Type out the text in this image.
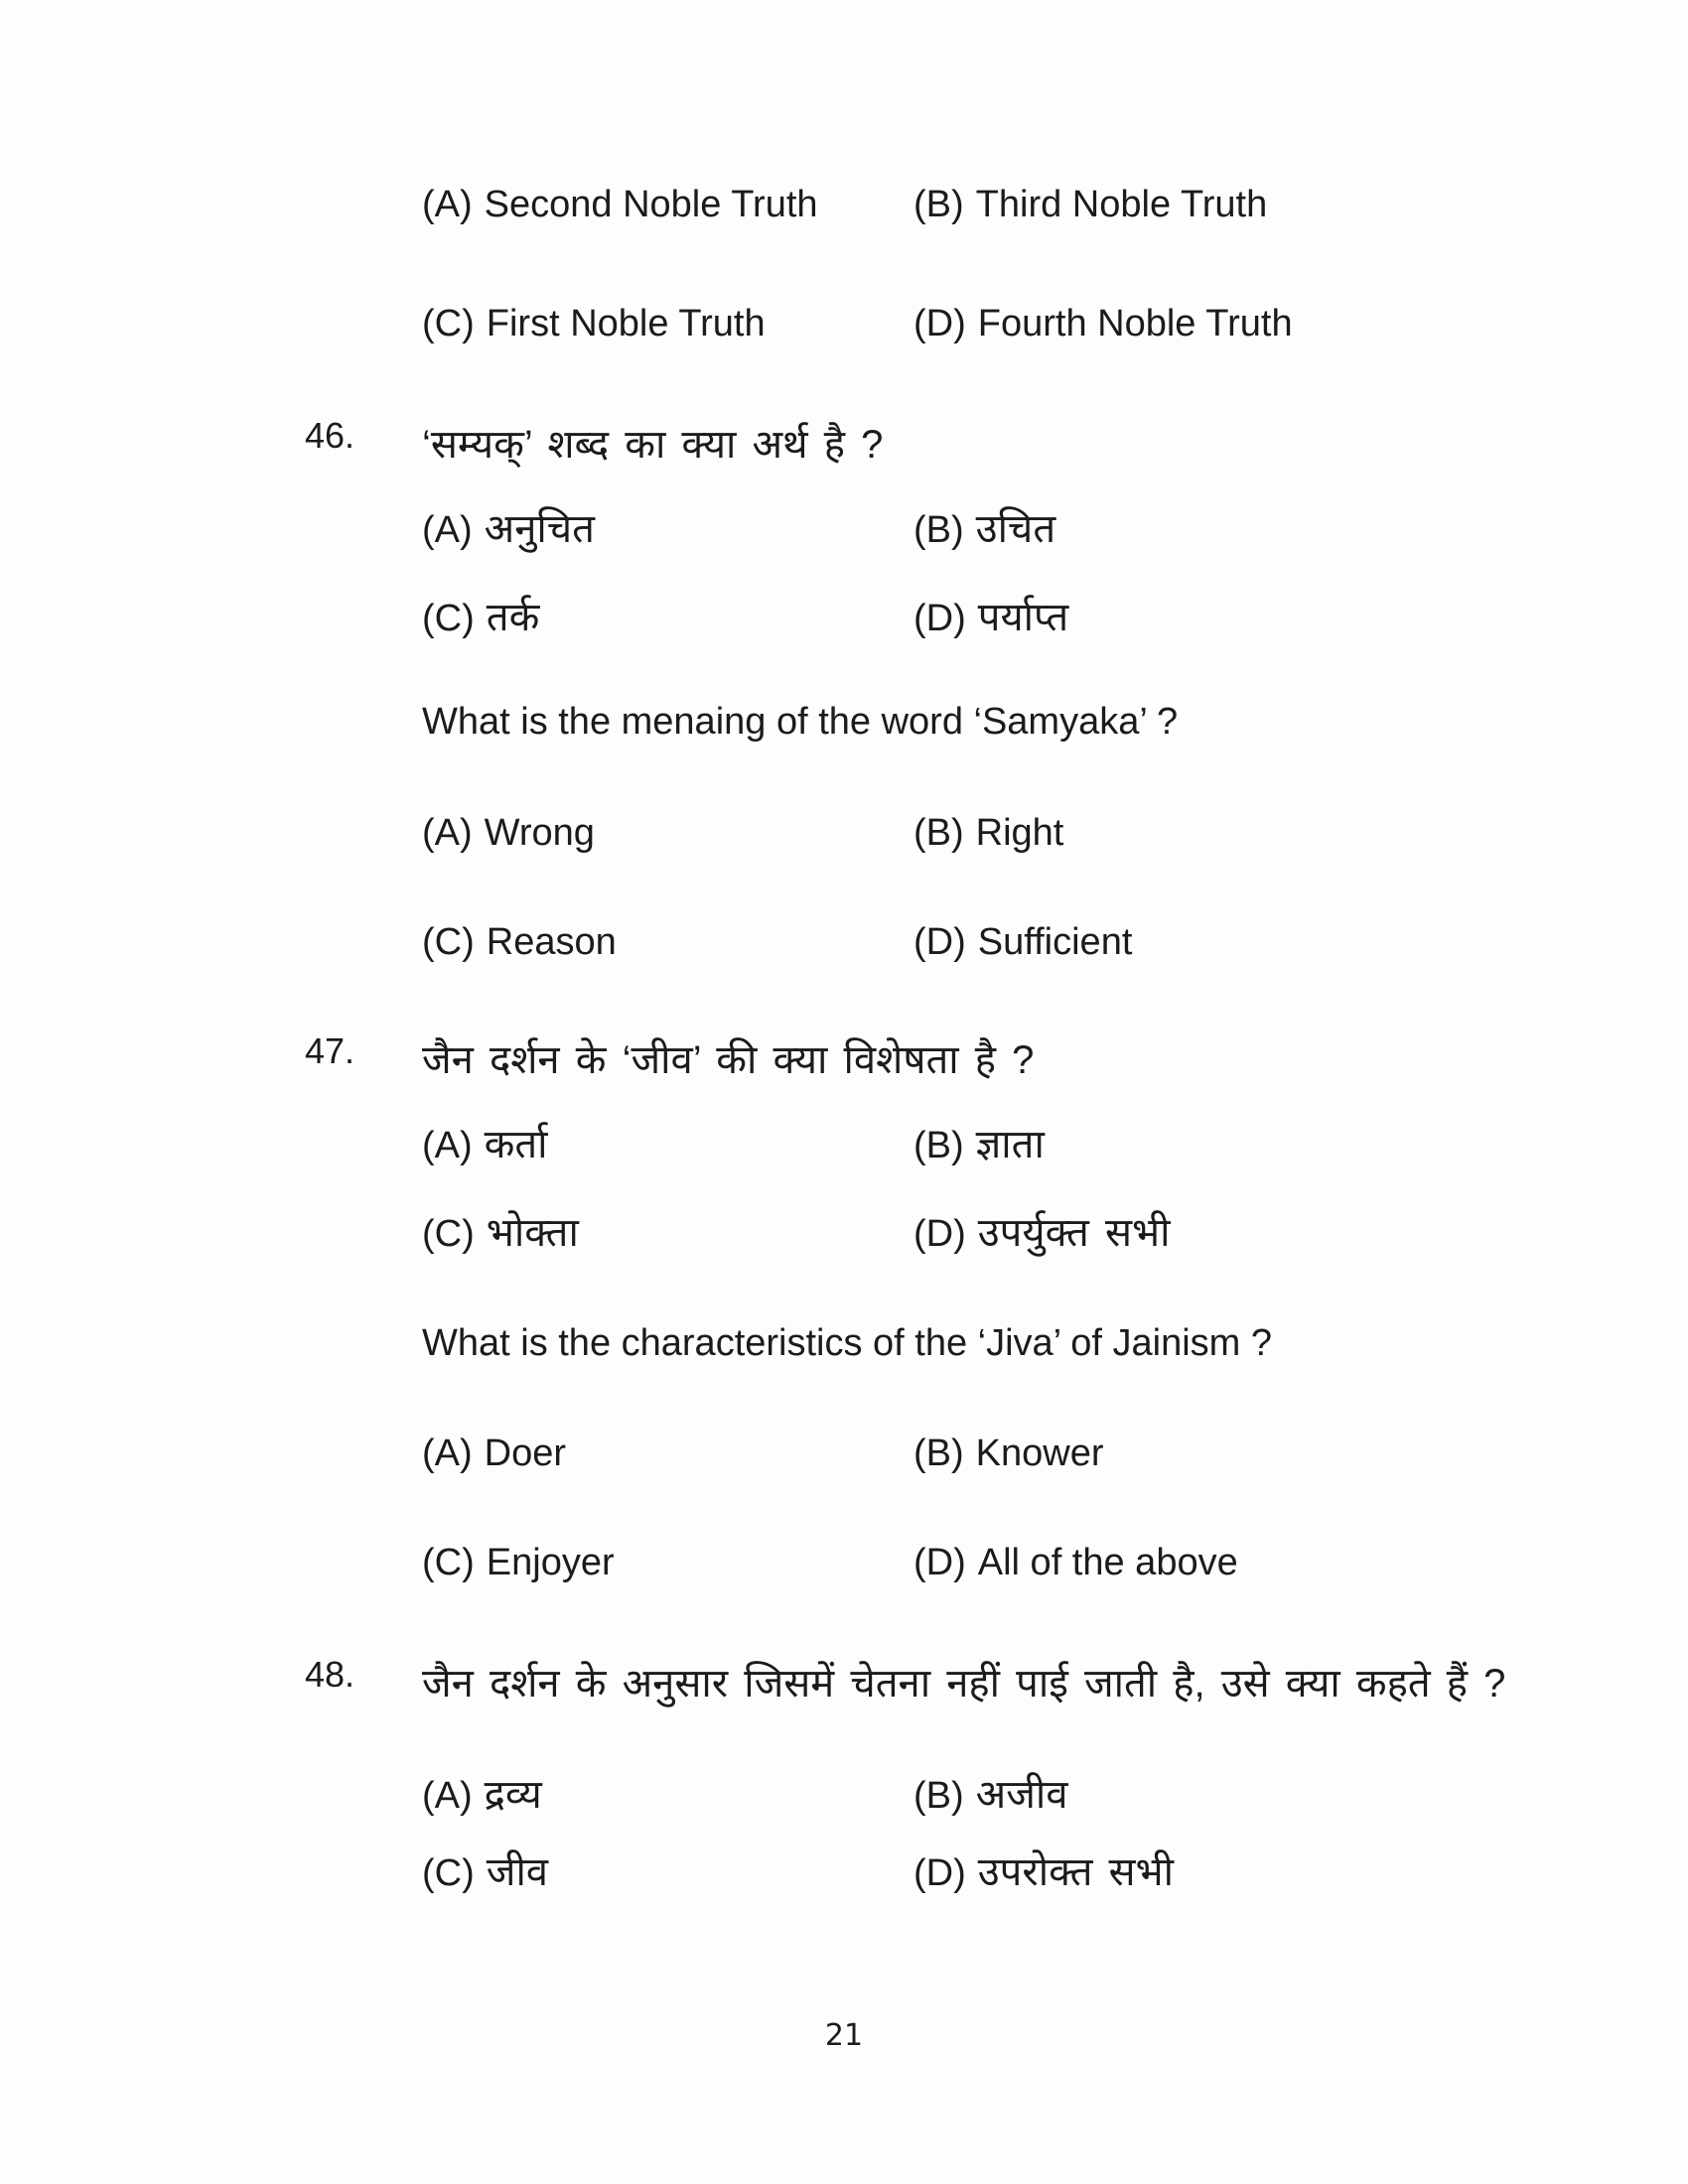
(A) Second Noble Truth	(B) Third Noble Truth
(C) First Noble Truth	(D) Fourth Noble Truth
46. ‘सम्यक्’ शब्द का क्या अर्थ है ?
(A) अनुचित	(B) उचित
(C) तर्क	(D) पर्याप्त
What is the menaing of the word ‘Samyaka’ ?
(A) Wrong	(B) Right
(C) Reason	(D) Sufficient
47. जैन दर्शन के ‘जीव’ की क्या विशेषता है ?
(A) कर्ता	(B) ज्ञाता
(C) भोक्ता	(D) उपर्युक्त सभी
What is the characteristics of the ‘Jiva’ of Jainism ?
(A) Doer	(B) Knower
(C) Enjoyer	(D) All of the above
48. जैन दर्शन के अनुसार जिसमें चेतना नहीं पाई जाती है, उसे क्या कहते हैं ?
(A) द्रव्य	(B) अजीव
(C) जीव	(D) उपरोक्त सभी
21
